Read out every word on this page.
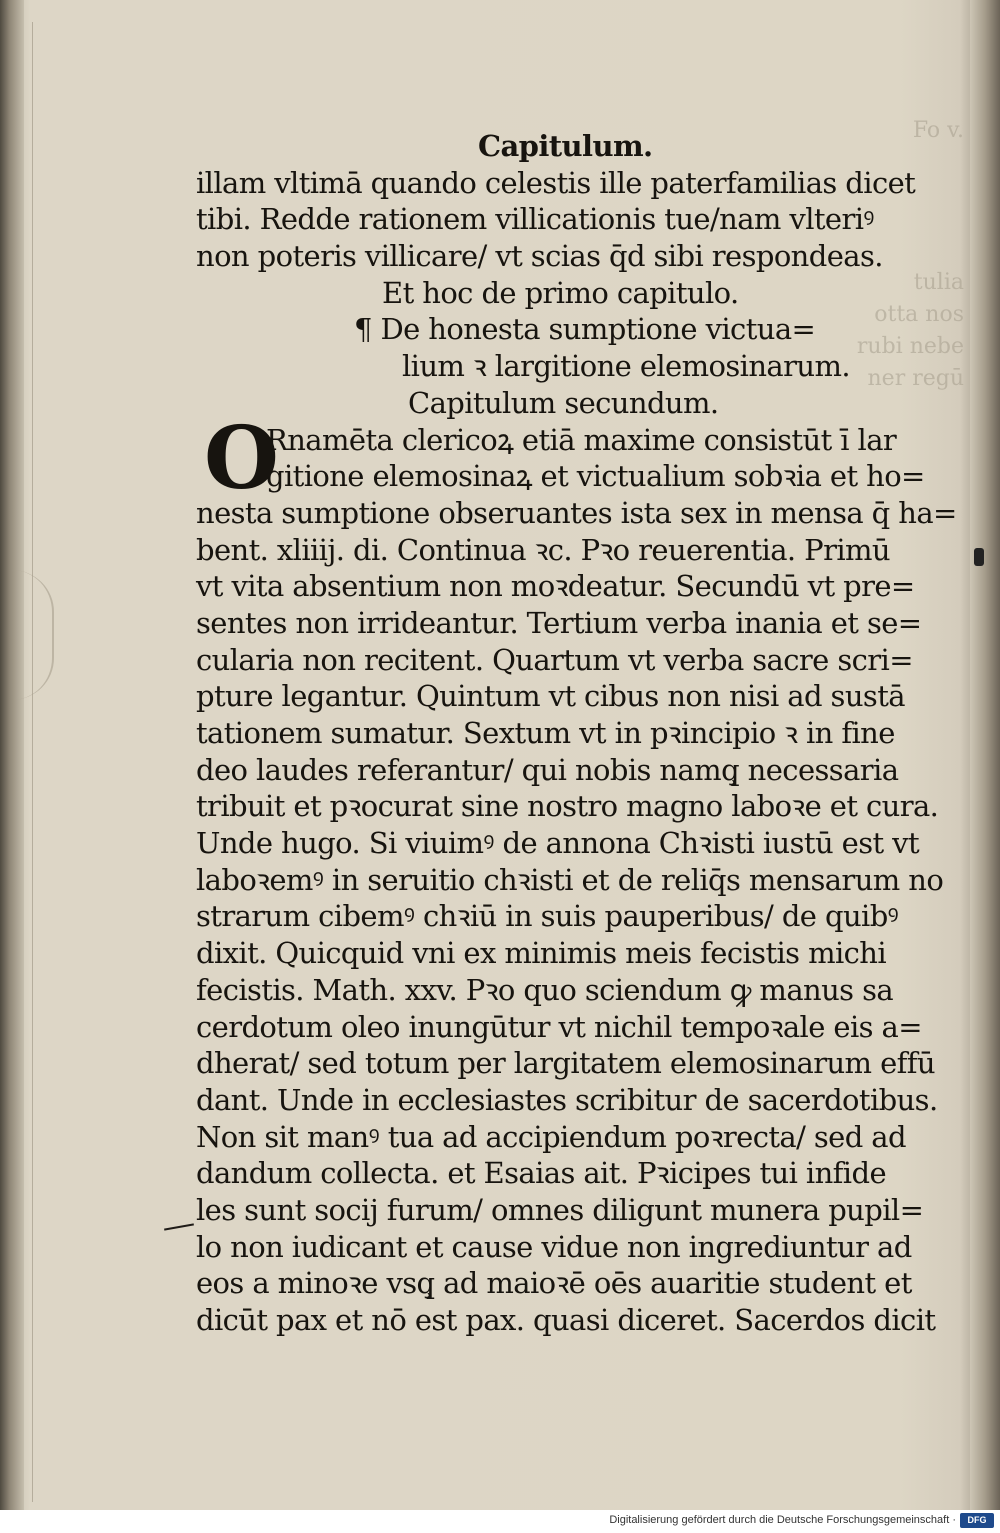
Fo v.
tulia
otta nos
rubi nebe
ner regū
Capitulum.
illam vltimā quando celestis ille paterfamilias dicet
tibi. Redde rationem villicationis tue/nam vlteriꝰ
non poteris villicare/ vt scias q̄d sibi respondeas.
Et hoc de primo capitulo.
¶ De honesta sumptione victua=
lium ꝛ largitione elemosinarum.
Capitulum secundum.
O
Rnamēta clericoꝝ etiā maxime consistūt ī lar
gitione elemosinaꝝ et victualium sobꝛia et ho=
nesta sumptione obseruantes ista sex in mensa q̄ ha=
bent. xliiij. di. Continua ꝛc. Pꝛo reuerentia. Primū
vt vita absentium non moꝛdeatur. Secundū vt pre=
sentes non irrideantur. Tertium verba inania et se=
cularia non recitent. Quartum vt verba sacre scri=
pture legantur. Quintum vt cibus non nisi ad sustā
tationem sumatur. Sextum vt in pꝛincipio ꝛ in fine
deo laudes referantur/ qui nobis namq̧ necessaria
tribuit et pꝛocurat sine nostro magno laboꝛe et cura.
Unde hugo. Si viuimꝰ de annona Chꝛisti iustū est vt
laboꝛemꝰ in seruitio chꝛisti et de reliq̄s mensarum no
strarum cibemꝰ chꝛiū in suis pauperibus/ de quibꝰ
dixit. Quicquid vni ex minimis meis fecistis michi
fecistis. Math. xxv. Pꝛo quo sciendum ꝙ manus sa
cerdotum oleo inungūtur vt nichil tempoꝛale eis a=
dherat/ sed totum per largitatem elemosinarum effū
dant. Unde in ecclesiastes scribitur de sacerdotibus.
Non sit manꝰ tua ad accipiendum poꝛrecta/ sed ad
dandum collecta. et Esaias ait. Pꝛicipes tui infide
les sunt socij furum/ omnes diligunt munera pupil=
lo non iudicant et cause vidue non ingrediuntur ad
eos a minoꝛe vsq̧ ad maioꝛē oēs auaritie student et
dicūt pax et nō est pax. quasi diceret. Sacerdos dicit
Digitalisierung gefördert durch die Deutsche Forschungsgemeinschaft ·	DFG
